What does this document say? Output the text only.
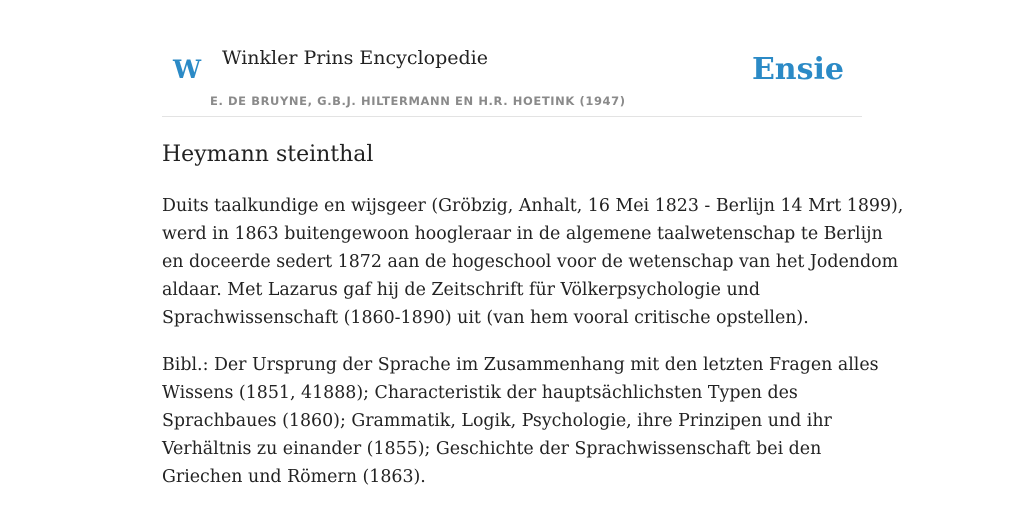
W Winkler Prins Encyclopedie
E. DE BRUYNE, G.B.J. HILTERMANN EN H.R. HOETINK (1947)
Ensie
Heymann steinthal

Duits taalkundige en wijsgeer (Gröbzig, Anhalt, 16 Mei 1823 - Berlijn 14 Mrt 1899),
werd in 1863 buitengewoon hoogleraar in de algemene taalwetenschap te Berlijn
en doceerde sedert 1872 aan de hogeschool voor de wetenschap van het Jodendom
aldaar. Met Lazarus gaf hij de Zeitschrift für Völkerpsychologie und
Sprachwissenschaft (1860-1890) uit (van hem vooral critische opstellen).

Bibl.: Der Ursprung der Sprache im Zusammenhang mit den letzten Fragen alles
Wissens (1851, 41888); Characteristik der hauptsächlichsten Typen des
Sprachbaues (1860); Grammatik, Logik, Psychologie, ihre Prinzipen und ihr
Verhältnis zu einander (1855); Geschichte der Sprachwissenschaft bei den
Griechen und Römern (1863).
